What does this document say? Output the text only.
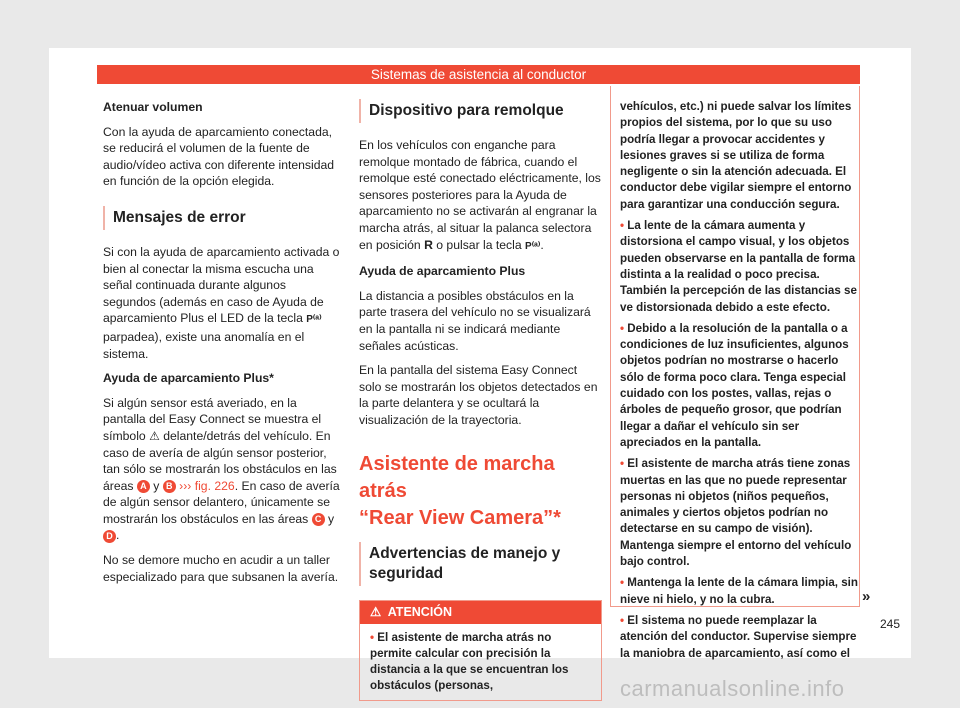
Sistemas de asistencia al conductor

Atenuar volumen

Con la ayuda de aparcamiento conectada, se reducirá el volumen de la fuente de audio/vídeo activa con diferente intensidad en función de la opción elegida.

Mensajes de error

Si con la ayuda de aparcamiento activada o bien al conectar la misma escucha una señal continuada durante algunos segundos (además en caso de Ayuda de aparcamiento Plus el LED de la tecla P⁽ᵃ⁾ parpadea), existe una anomalía en el sistema.

Ayuda de aparcamiento Plus*

Si algún sensor está averiado, en la pantalla del Easy Connect se muestra el símbolo ⚠ delante/detrás del vehículo. En caso de avería de algún sensor posterior, tan sólo se mostrarán los obstáculos en las áreas A y B ››› fig. 226. En caso de avería de algún sensor delantero, únicamente se mostrarán los obstáculos en las áreas C y D .

No se demore mucho en acudir a un taller especializado para que subsanen la avería.

Dispositivo para remolque

En los vehículos con enganche para remolque montado de fábrica, cuando el remolque esté conectado eléctricamente, los sensores posteriores para la Ayuda de aparcamiento no se activarán al engranar la marcha atrás, al situar la palanca selectora en posición R o pulsar la tecla P⁽ᵃ⁾.

Ayuda de aparcamiento Plus

La distancia a posibles obstáculos en la parte trasera del vehículo no se visualizará en la pantalla ni se indicará mediante señales acústicas.

En la pantalla del sistema Easy Connect solo se mostrarán los objetos detectados en la parte delantera y se ocultará la visualización de la trayectoria.

Asistente de marcha atrás
“Rear View Camera”*
Advertencias de manejo y seguridad
⚠ ATENCIÓN
• El asistente de marcha atrás no permite calcular con precisión la distancia a la que se encuentran los obstáculos (personas,

vehículos, etc.) ni puede salvar los límites propios del sistema, por lo que su uso podría llegar a provocar accidentes y lesiones graves si se utiliza de forma negligente o sin la atención adecuada. El conductor debe vigilar siempre el entorno para garantizar una conducción segura.

• La lente de la cámara aumenta y distorsiona el campo visual, y los objetos pueden observarse en la pantalla de forma distinta a la realidad o poco precisa. También la percepción de las distancias se ve distorsionada debido a este efecto.

• Debido a la resolución de la pantalla o a condiciones de luz insuficientes, algunos objetos podrían no mostrarse o hacerlo sólo de forma poco clara. Tenga especial cuidado con los postes, vallas, rejas o árboles de pequeño grosor, que podrían llegar a dañar el vehículo sin ser apreciados en la pantalla.

• El asistente de marcha atrás tiene zonas muertas en las que no puede representar personas ni objetos (niños pequeños, animales y ciertos objetos podrían no detectarse en su campo de visión). Mantenga siempre el entorno del vehículo bajo control.

• Mantenga la lente de la cámara limpia, sin nieve ni hielo, y no la cubra.

• El sistema no puede reemplazar la atención del conductor. Supervise siempre la maniobra de aparcamiento, así como el

»
245
carmanualsonline.info
